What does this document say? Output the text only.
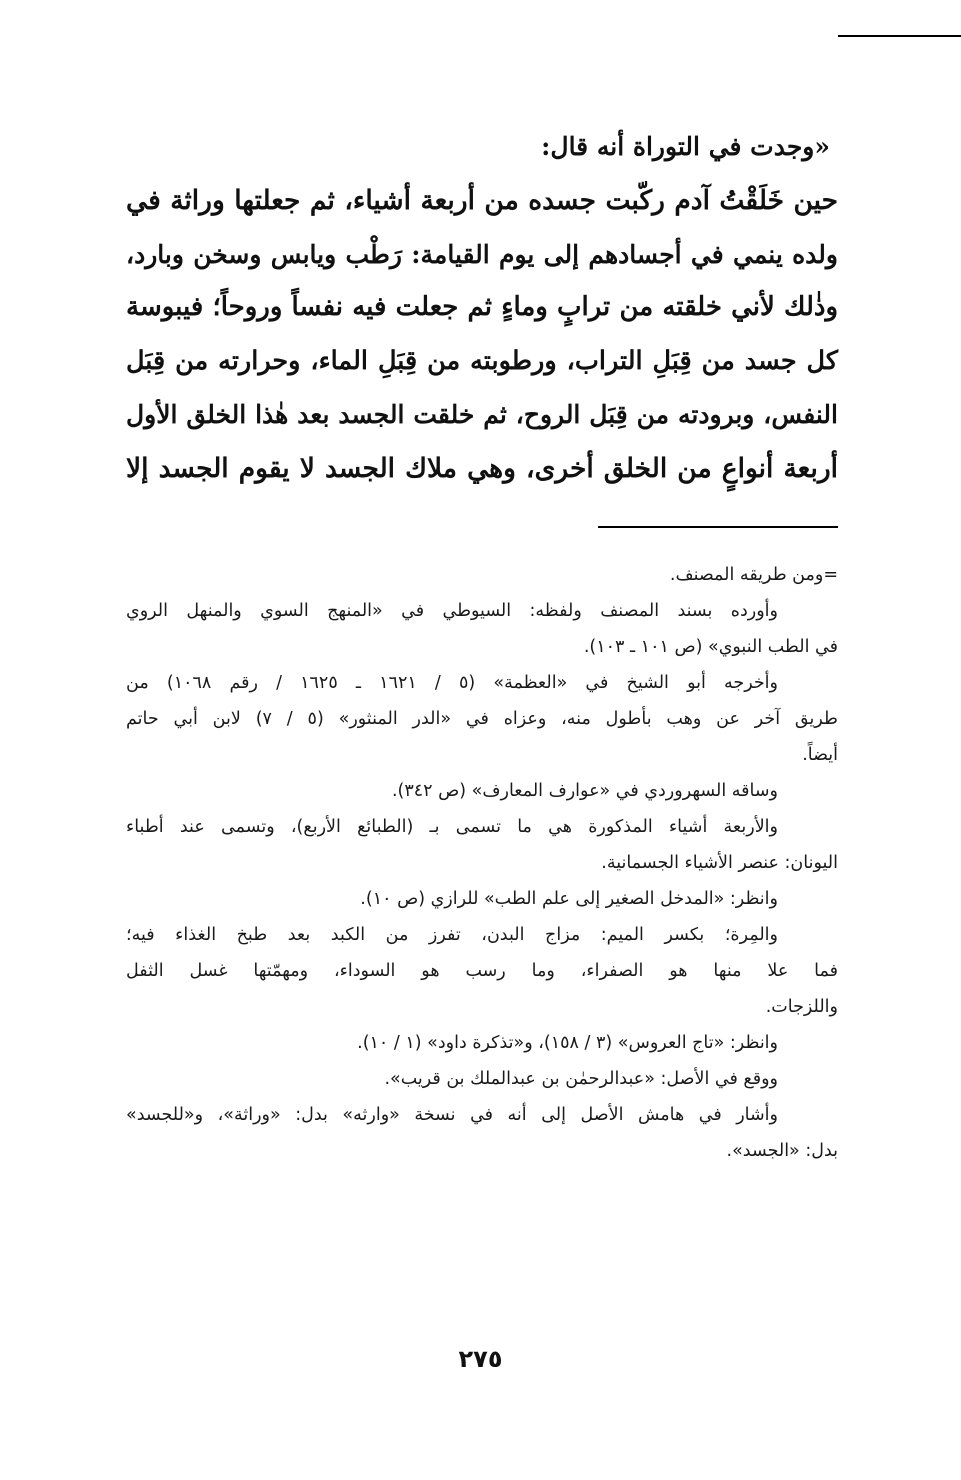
«وجدت في التوراة أنه قال:
حين خَلَقْتُ آدم ركّبت جسده من أربعة أشياء، ثم جعلتها وراثة في
ولده ينمي في أجسادهم إلى يوم القيامة: رَطْب ويابس وسخن وبارد،
وذٰلك لأني خلقته من ترابٍ وماءٍ ثم جعلت فيه نفساً وروحاً؛ فيبوسة
كل جسد من قِبَلِ التراب، ورطوبته من قِبَلِ الماء، وحرارته من قِبَل
النفس، وبرودته من قِبَل الروح، ثم خلقت الجسد بعد هٰذا الخلق الأول
أربعة أنواعٍ من الخلق أخرى، وهي ملاك الجسد لا يقوم الجسد إلا
=ومن طريقه المصنف.
وأورده بسند المصنف ولفظه: السيوطي في «المنهج السوي والمنهل الروي
في الطب النبوي» (ص ١٠١ ـ ١٠٣).
وأخرجه أبو الشيخ في «العظمة» (٥ / ١٦٢١ ـ ١٦٢٥ / رقم ١٠٦٨) من
طريق آخر عن وهب بأطول منه، وعزاه في «الدر المنثور» (٥ / ٧) لابن أبي حاتم
أيضاً.
وساقه السهروردي في «عوارف المعارف» (ص ٣٤٢).
والأربعة أشياء المذكورة هي ما تسمى بـ (الطبائع الأربع)، وتسمى عند أطباء
اليونان: عنصر الأشياء الجسمانية.
وانظر: «المدخل الصغير إلى علم الطب» للرازي (ص ١٠).
والمِرة؛ بكسر الميم: مزاج البدن، تفرز من الكبد بعد طبخ الغذاء فيه؛
فما علا منها هو الصفراء، وما رسب هو السوداء، ومهمّتها غسل الثفل
واللزجات.
وانظر: «تاج العروس» (٣ / ١٥٨)، و«تذكرة داود» (١ / ١٠).
ووقع في الأصل: «عبدالرحمٰن بن عبدالملك بن قريب».
وأشار في هامش الأصل إلى أنه في نسخة «وارثه» بدل: «وراثة»، و«للجسد»
بدل: «الجسد».
٢٧٥
